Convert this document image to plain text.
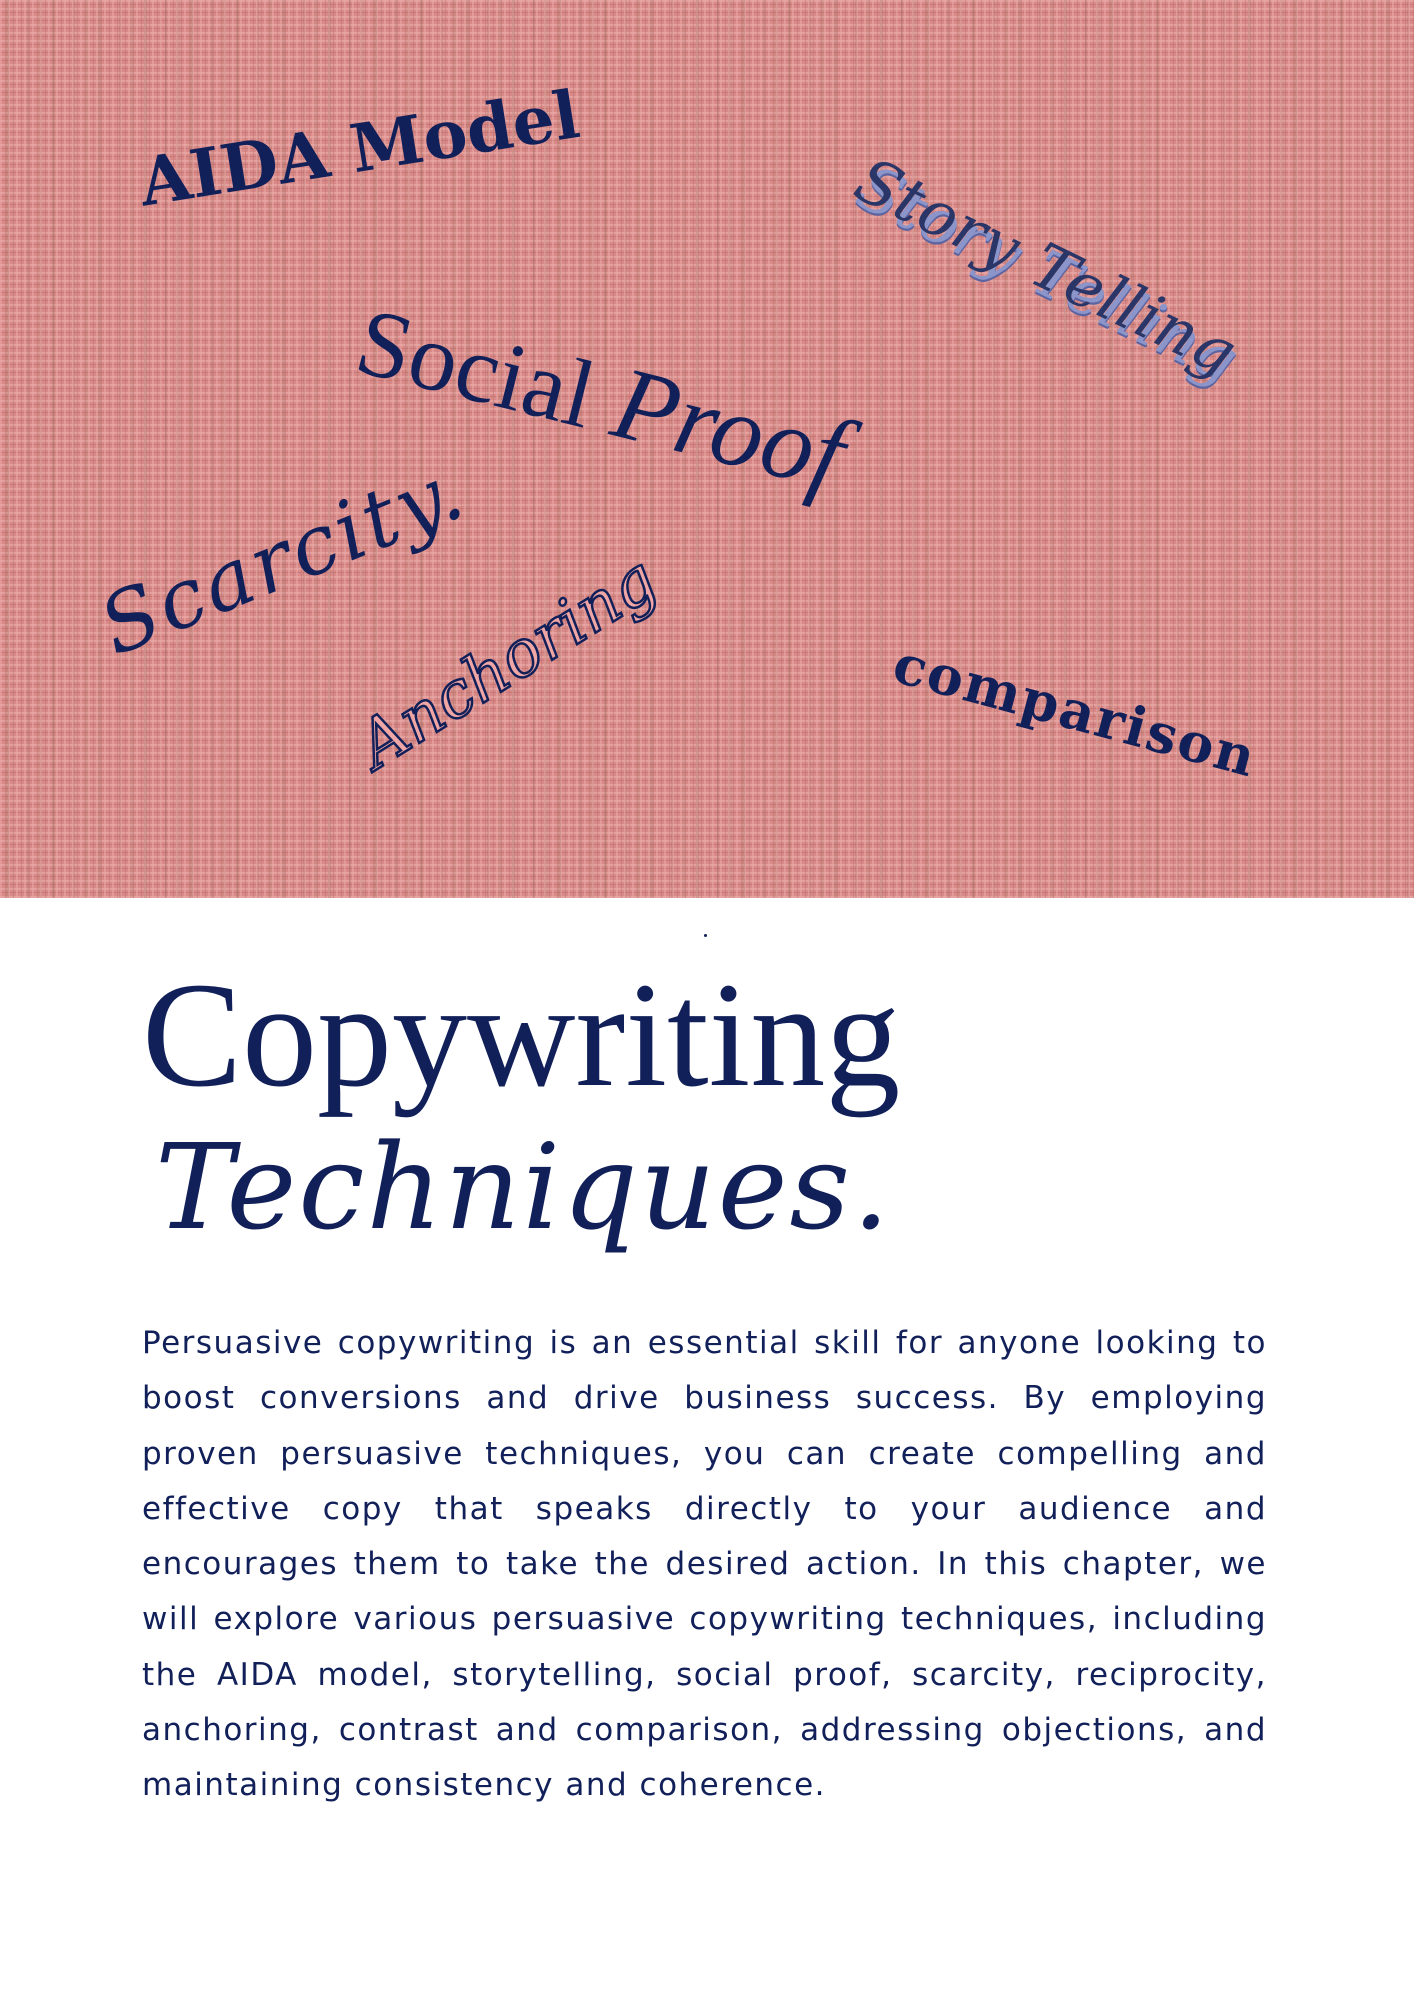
AIDA Model	Story Telling

Social Proof

Scarcity.

Anchoring	comparison

Copywriting
Techniques.

Persuasive copywriting is an essential skill for anyone looking to boost conversions and drive business success. By employing proven persuasive techniques, you can create compelling and effective copy that speaks directly to your audience and encourages them to take the desired action. In this chapter, we will explore various persuasive copywriting techniques, including the AIDA model, storytelling, social proof, scarcity, reciprocity, anchoring, contrast and comparison, addressing objections, and maintaining consistency and coherence.
